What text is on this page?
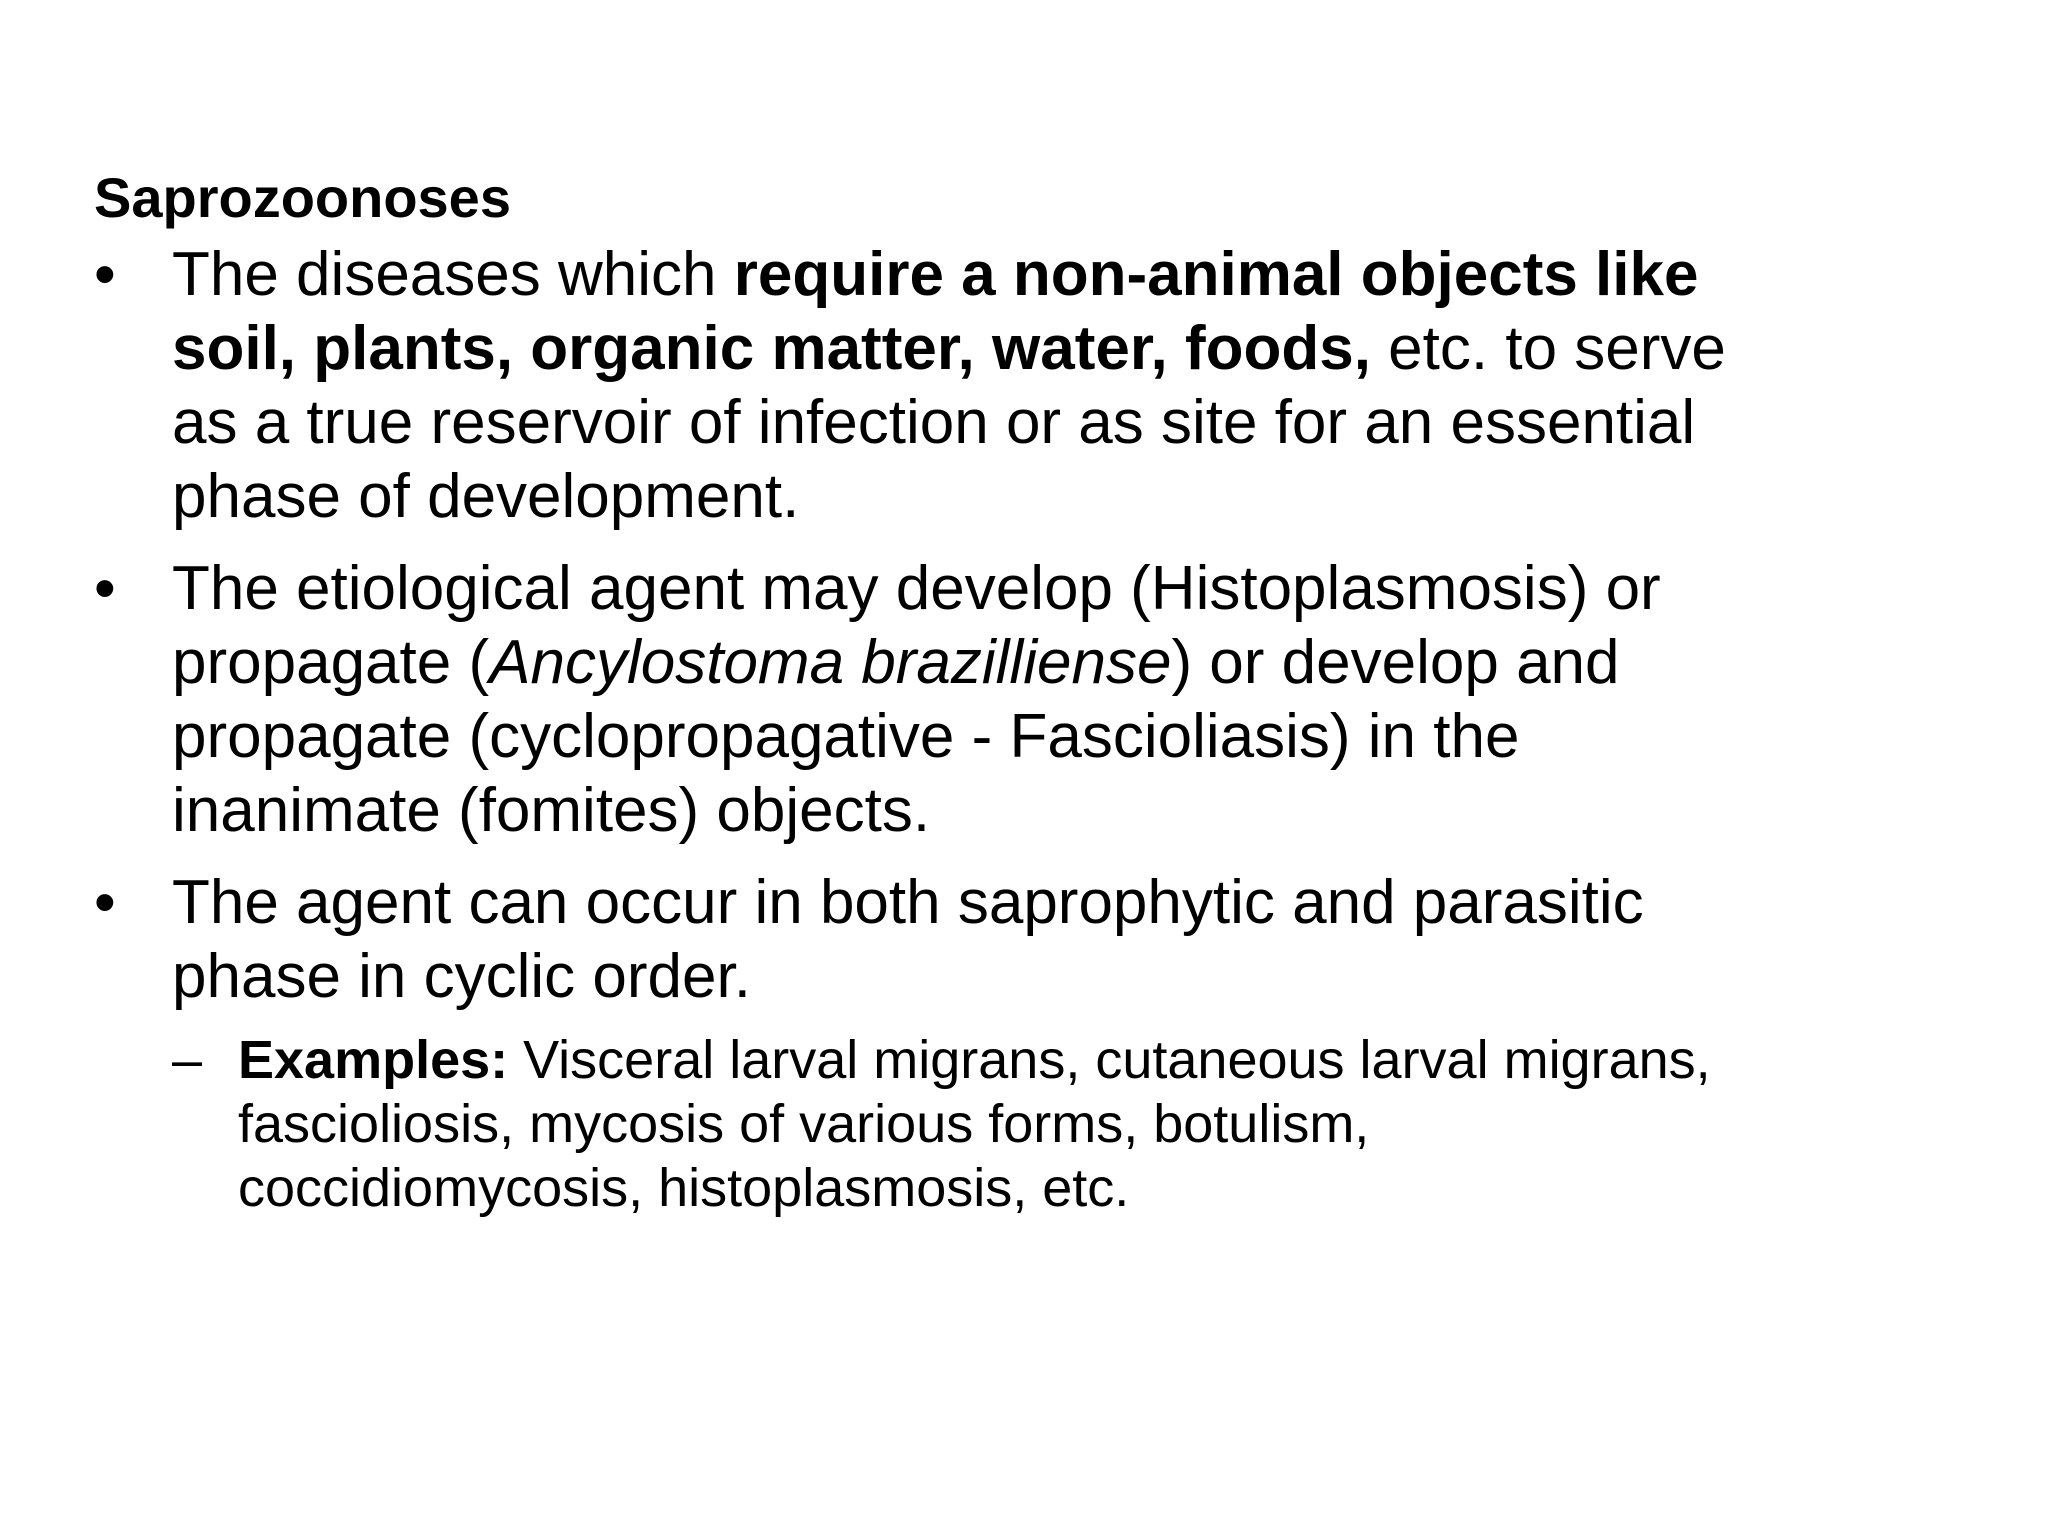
Saprozoonoses
• The diseases which require a non-animal objects like
soil, plants, organic matter, water, foods, etc. to serve
as a true reservoir of infection or as site for an essential
phase of development.
• The etiological agent may develop (Histoplasmosis) or
propagate (Ancylostoma brazilliense) or develop and
propagate (cyclopropagative - Fascioliasis) in the
inanimate (fomites) objects.
• The agent can occur in both saprophytic and parasitic
phase in cyclic order.
– Examples: Visceral larval migrans, cutaneous larval migrans,
fascioliosis, mycosis of various forms, botulism,
coccidiomycosis, histoplasmosis, etc.
